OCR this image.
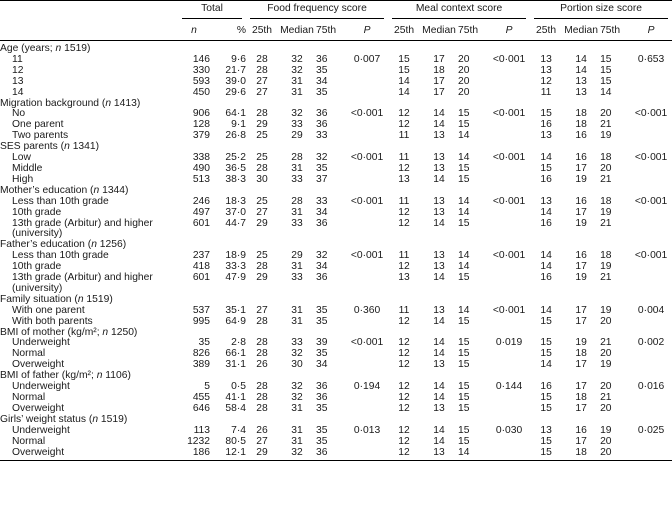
	Total		Food frequency score				Meal context score				Portion size score			

	n	%	25th	Median	75th	P	25th	Median	75th	P	25th	Median	75th	P
Age (years; n 1519)														
11	146	9·6	28	32	36	0·007	15	17	20	<0·001	13	14	15	0·653
12	330	21·7	28	32	35		15	18	20		13	14	15	
13	593	39·0	27	31	34		14	17	20		12	13	15	
14	450	29·6	27	31	35		14	17	20		11	13	14	
Migration background (n 1413)														
No	906	64·1	28	32	36	<0·001	12	14	15	<0·001	15	18	20	<0·001
One parent	128	9·1	29	33	36		12	14	15		16	18	21	
Two parents	379	26·8	25	29	33		11	13	14		13	16	19	
SES parents (n 1341)														
Low	338	25·2	25	28	32	<0·001	11	13	14	<0·001	14	16	18	<0·001
Middle	490	36·5	28	31	35		12	13	15		15	17	20	
High	513	38·3	30	33	37		13	14	15		16	19	21	
Mother’s education (n 1344)														
Less than 10th grade	246	18·3	25	28	33	<0·001	11	13	14	<0·001	13	16	18	<0·001
10th grade	497	37·0	27	31	34		12	13	14		14	17	19	
13th grade (Arbitur) and higher (university)	601	44·7	29	33	36		12	14	15		16	19	21	
Father’s education (n 1256)														
Less than 10th grade	237	18·9	25	29	32	<0·001	11	13	14	<0·001	14	16	18	<0·001
10th grade	418	33·3	28	31	34		12	13	14		14	17	19	
13th grade (Arbitur) and higher (university)	601	47·9	29	33	36		13	14	15		16	19	21	
Family situation (n 1519)														
With one parent	537	35·1	27	31	35	0·360	11	13	14	<0·001	14	17	19	0·004
With both parents	995	64·9	28	31	35		12	14	15		15	17	20	
BMI of mother (kg/m²; n 1250)														
Underweight	35	2·8	28	33	39	<0·001	12	14	15	0·019	15	19	21	0·002
Normal	826	66·1	28	32	35		12	14	15		15	18	20	
Overweight	389	31·1	26	30	34		12	13	15		14	17	19	
BMI of father (kg/m²; n 1106)														
Underweight	5	0·5	28	32	36	0·194	12	14	15	0·144	16	17	20	0·016
Normal	455	41·1	28	32	36		12	14	15		15	18	21	
Overweight	646	58·4	28	31	35		12	13	15		15	17	20	
Girls’ weight status (n 1519)														
Underweight	113	7·4	26	31	35	0·013	12	14	15	0·030	13	16	19	0·025
Normal	1232	80·5	27	31	35		12	14	15		15	17	20	
Overweight	186	12·1	29	32	36		12	13	14		15	18	20	
